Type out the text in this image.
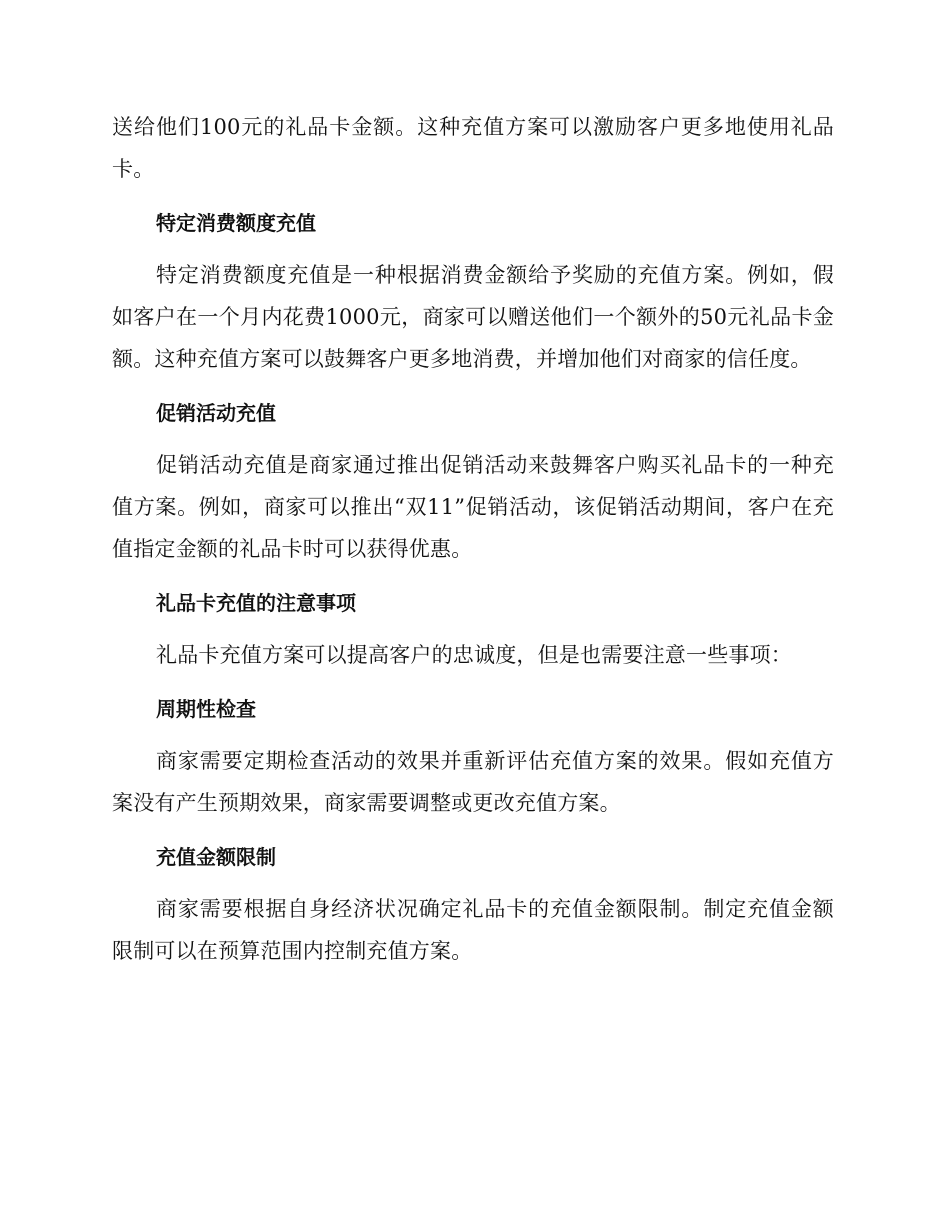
送给他们100元的礼品卡金额。这种充值方案可以激励客户更多地使用礼品卡。

特定消费额度充值

特定消费额度充值是一种根据消费金额给予奖励的充值方案。例如，假如客户在一个月内花费1000元，商家可以赠送他们一个额外的50元礼品卡金额。这种充值方案可以鼓舞客户更多地消费，并增加他们对商家的信任度。

促销活动充值

促销活动充值是商家通过推出促销活动来鼓舞客户购买礼品卡的一种充值方案。例如，商家可以推出“双11”促销活动，该促销活动期间，客户在充值指定金额的礼品卡时可以获得优惠。

礼品卡充值的注意事项

礼品卡充值方案可以提高客户的忠诚度，但是也需要注意一些事项：

周期性检查

商家需要定期检查活动的效果并重新评估充值方案的效果。假如充值方案没有产生预期效果，商家需要调整或更改充值方案。

充值金额限制

商家需要根据自身经济状况确定礼品卡的充值金额限制。制定充值金额限制可以在预算范围内控制充值方案。
